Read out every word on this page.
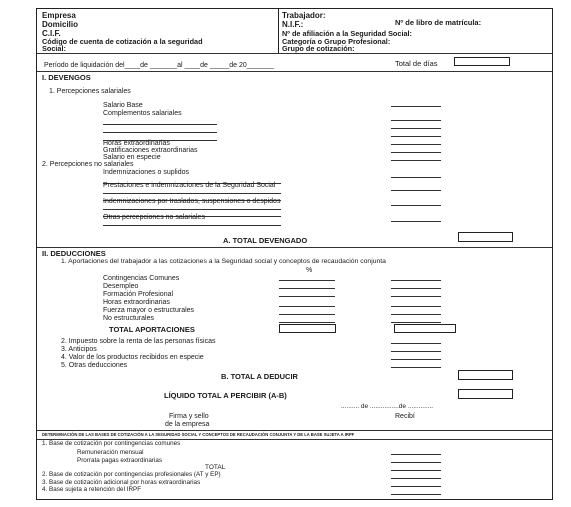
Empresa
Domicilio
C.I.F.
Código de cuenta de cotización a la seguridad
Social:
Trabajador:
N.I.F.:	Nº de libro de matrícula:
Nº de afiliación a la Seguridad Social:
Categoría o Grupo Profesional:
Grupo de cotización:
Período de liquidación del____de _______al ____de _____de 20_______	Total de días
I. DEVENGOS
1. Percepciones salariales
Salario Base
Complementos salariales
Horas extraordinarias
Gratificaciones extraordinarias
Salario en especie
2. Percepciones no salariales
Indemnizaciones o suplidos
Prestaciones e indemnizaciones de la Seguridad Social
Indemnizaciones por traslados, suspensiones o despidos
Otras percepciones no salariales
A. TOTAL DEVENGADO
II. DEDUCCIONES
1. Aportaciones del trabajador a las cotizaciones a la Seguridad social y conceptos de recaudación conjunta
%
Contingencias Comunes
Desempleo
Formación Profesional
Horas extraordinarias
Fuerza mayor o estructurales
No estructurales
TOTAL APORTACIONES
2. Impuesto sobre la renta de las personas físicas
3. Anticipos
4. Valor de los productos recibidos en especie
5. Otras deducciones
B. TOTAL A DEDUCIR
LÍQUIDO TOTAL A PERCIBIR (A-B)
.......... de ................de ..............
Firma y sello
de la empresa
Recibí
DETERMINACIÓN DE LAS BASES DE COTIZACIÓN A LA SEGURIDAD SOCIAL Y CONCEPTOS DE RECAUDACIÓN CONJUNTA Y DE LA BASE SUJETA A IRPF
1. Base de cotización por contingencias comunes
Remuneración mensual
Prorrata pagas extraordinarias
TOTAL
2. Base de cotización por contingencias profesionales (AT y EP)
3. Base de cotización adicional por horas extraordinarias
4. Base sujeta a retención del IRPF
